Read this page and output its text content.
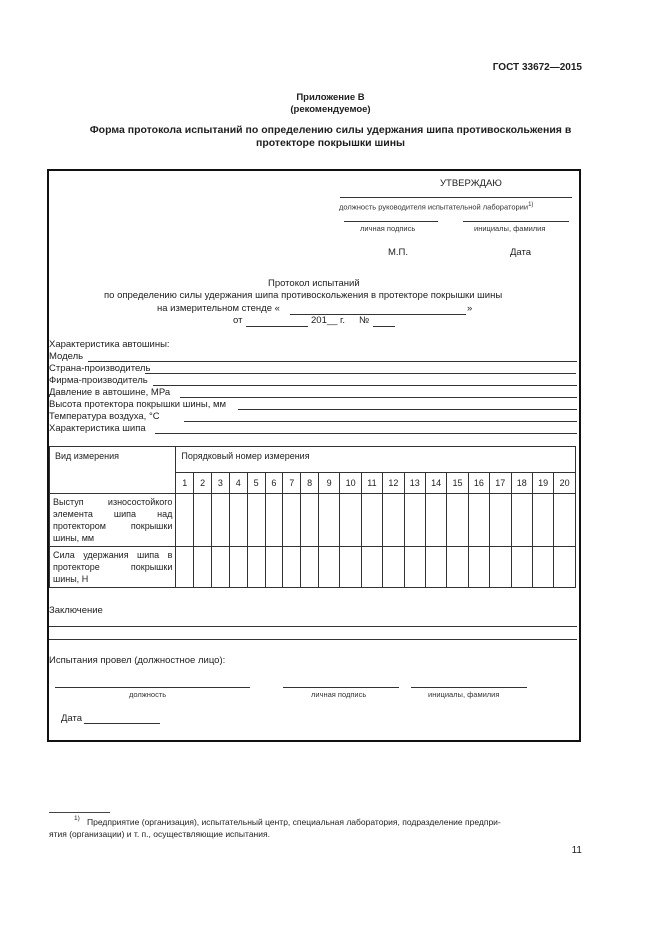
ГОСТ 33672—2015
Приложение В
(рекомендуемое)
Форма протокола испытаний по определению силы удержания шипа противоскольжения в
протекторе покрышки шины
УТВЕРЖДАЮ
должность руководителя испытательной лаборатории$^{1)}$
личная подпись	инициалы, фамилия
М.П.	Дата
Протокол испытаний
по определению силы удержания шипа противоскольжения в протекторе покрышки шины
на измерительном стенде «	»
от	201__ г. №
Характеристика автошины:
Модель
Страна-производитель
Фирма-производитель
Давление в автошине, МРа
Высота протектора покрышки шины, мм
Температура воздуха, °С
Характеристика шипа
Вид измерения	Порядковый номер измерения																			
	1	2	3	4	5	6	7	8	9	10	11	12	13	14	15	16	17	18	19	20
Выступ износостойкого элемента шипа над протектором покрышки шины, мм																				
Сила удержания шипа в протекторе покрышки шины, Н																				
Заключение
Испытания провел (должностное лицо):
должность	личная подпись	инициалы, фамилия
Дата
1) Предприятие (организация), испытательный центр, специальная лаборатория, подразделение предпри-
ятия (организации) и т. п., осуществляющие испытания.
11
